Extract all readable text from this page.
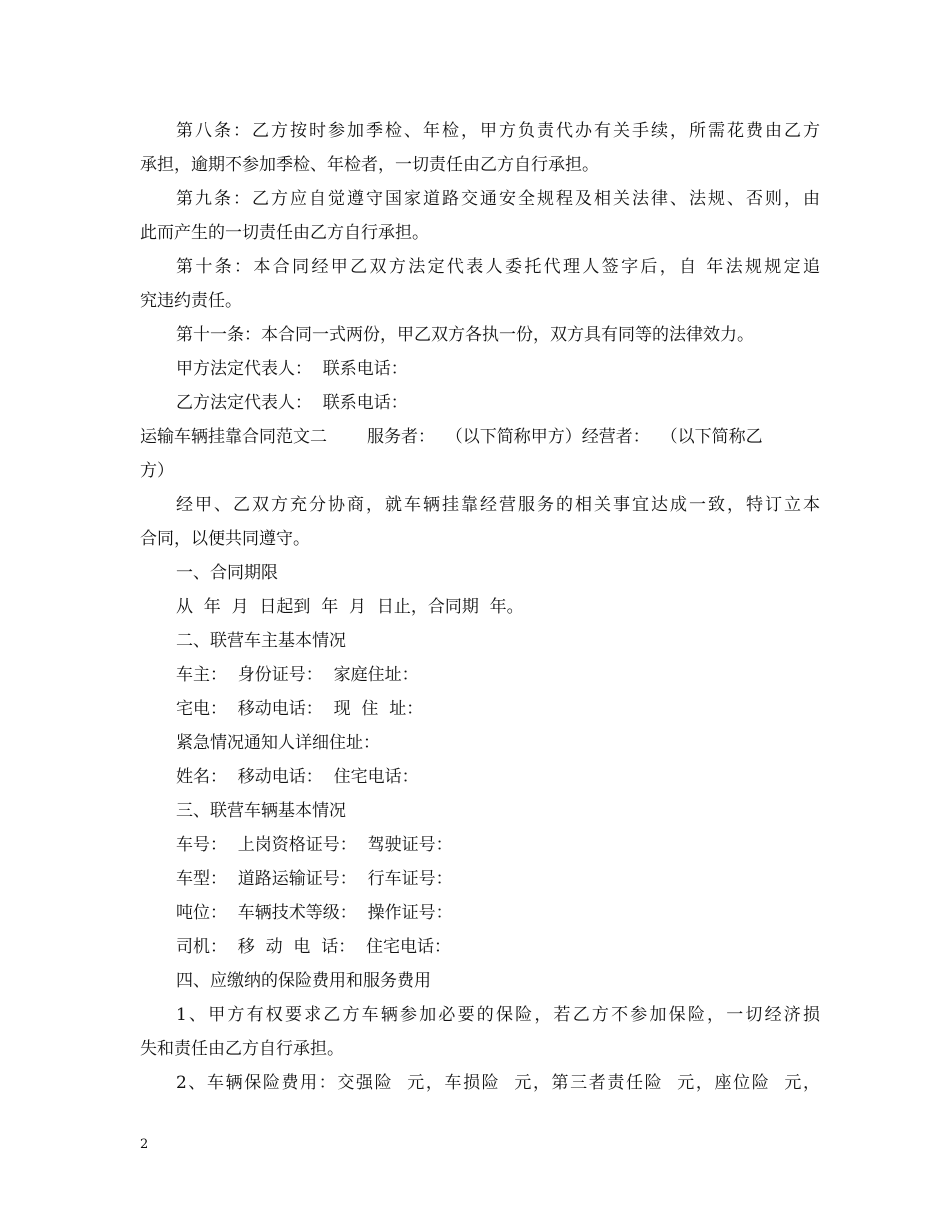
第八条：乙方按时参加季检、年检，甲方负责代办有关手续，所需花费由乙方
承担，逾期不参加季检、年检者，一切责任由乙方自行承担。
第九条：乙方应自觉遵守国家道路交通安全规程及相关法律、法规、否则，由
此而产生的一切责任由乙方自行承担。
第十条：本合同经甲乙双方法定代表人委托代理人签字后，自 年法规规定追
究违约责任。
第十一条：本合同一式两份，甲乙双方各执一份，双方具有同等的法律效力。
甲方法定代表人：  联系电话：
乙方法定代表人：  联系电话：
运输车辆挂靠合同范文二 服务者：  （以下简称甲方）经营者：  （以下简称乙
方）
经甲、乙双方充分协商，就车辆挂靠经营服务的相关事宜达成一致，特订立本
合同，以便共同遵守。
一、合同期限
从  年  月  日起到  年  月  日止，合同期  年。
二、联营车主基本情况
车主：  身份证号：  家庭住址：
宅电：  移动电话：  现  住  址：
紧急情况通知人详细住址：
姓名：  移动电话：  住宅电话：
三、联营车辆基本情况
车号：  上岗资格证号：  驾驶证号：
车型：  道路运输证号：  行车证号：
吨位：  车辆技术等级：  操作证号：
司机：  移  动  电  话：  住宅电话：
四、应缴纳的保险费用和服务费用
1、甲方有权要求乙方车辆参加必要的保险，若乙方不参加保险，一切经济损
失和责任由乙方自行承担。
2、车辆保险费用：交强险  元，车损险  元，第三者责任险  元，座位险  元，
2
